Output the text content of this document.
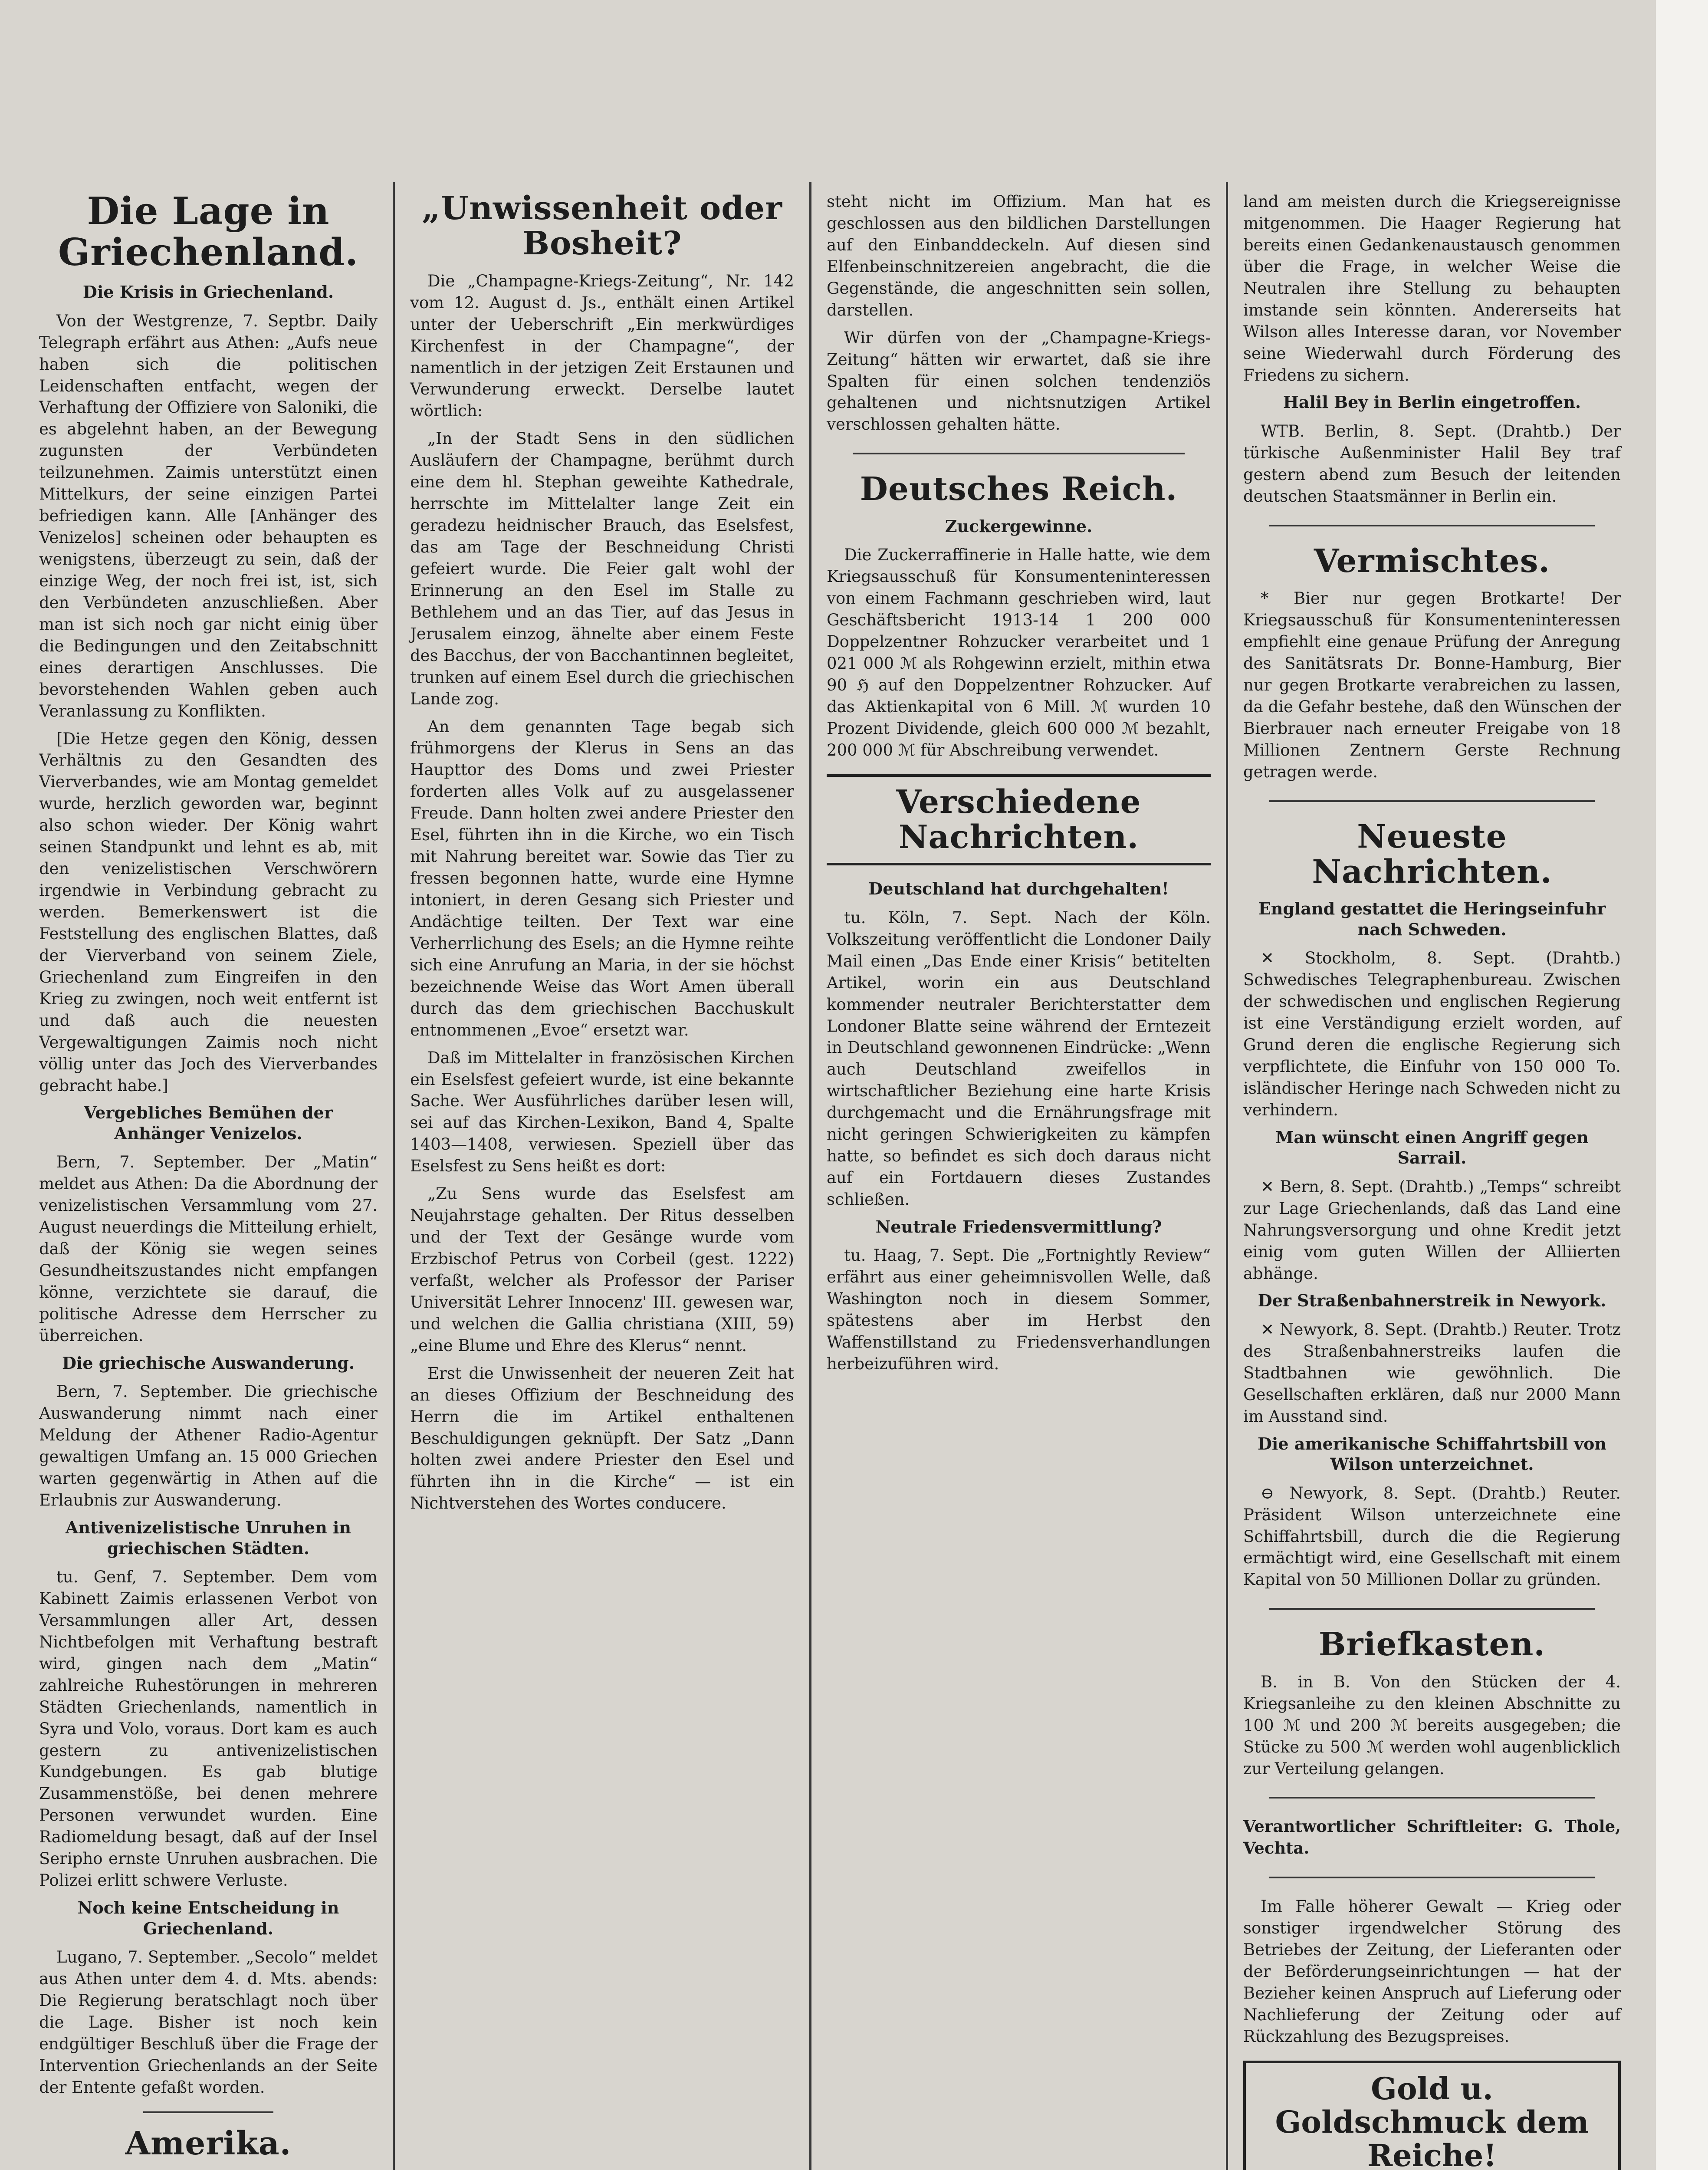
Die Lage in Griechenland.
Die Krisis in Griechenland.

Von der Westgrenze, 7. Septbr. Daily Telegraph erfährt aus Athen: „Aufs neue haben sich die politischen Leidenschaften entfacht, wegen der Verhaftung der Offiziere von Saloniki, die es abgelehnt haben, an der Bewegung zugunsten der Verbündeten teilzunehmen. Zaimis unterstützt einen Mittelkurs, der seine einzigen Partei befriedigen kann. Alle [Anhänger des Venizelos] scheinen oder behaupten es wenigstens, überzeugt zu sein, daß der einzige Weg, der noch frei ist, ist, sich den Verbündeten anzuschließen. Aber man ist sich noch gar nicht einig über die Bedingungen und den Zeitabschnitt eines derartigen Anschlusses. Die bevorstehenden Wahlen geben auch Veranlassung zu Konflikten.

[Die Hetze gegen den König, dessen Verhältnis zu den Gesandten des Vierverbandes, wie am Montag gemeldet wurde, herzlich geworden war, beginnt also schon wieder. Der König wahrt seinen Standpunkt und lehnt es ab, mit den venizelistischen Verschwörern irgendwie in Verbindung gebracht zu werden. Bemerkenswert ist die Feststellung des englischen Blattes, daß der Vierverband von seinem Ziele, Griechenland zum Eingreifen in den Krieg zu zwingen, noch weit entfernt ist und daß auch die neuesten Vergewaltigungen Zaimis noch nicht völlig unter das Joch des Vierverbandes gebracht habe.]

Vergebliches Bemühen der Anhänger Venizelos.

Bern, 7. September. Der „Matin“ meldet aus Athen: Da die Abordnung der venizelistischen Versammlung vom 27. August neuerdings die Mitteilung erhielt, daß der König sie wegen seines Gesundheitszustandes nicht empfangen könne, verzichtete sie darauf, die politische Adresse dem Herrscher zu überreichen.

Die griechische Auswanderung.

Bern, 7. September. Die griechische Auswanderung nimmt nach einer Meldung der Athener Radio-Agentur gewaltigen Umfang an. 15 000 Griechen warten gegenwärtig in Athen auf die Erlaubnis zur Auswanderung.

Antivenizelistische Unruhen in griechischen Städten.

tu. Genf, 7. September. Dem vom Kabinett Zaimis erlassenen Verbot von Versammlungen aller Art, dessen Nichtbefolgen mit Verhaftung bestraft wird, gingen nach dem „Matin“ zahlreiche Ruhestörungen in mehreren Städten Griechenlands, namentlich in Syra und Volo, voraus. Dort kam es auch gestern zu antivenizelistischen Kundgebungen. Es gab blutige Zusammenstöße, bei denen mehrere Personen verwundet wurden. Eine Radiomeldung besagt, daß auf der Insel Seripho ernste Unruhen ausbrachen. Die Polizei erlitt schwere Verluste.

Noch keine Entscheidung in Griechenland.

Lugano, 7. September. „Secolo“ meldet aus Athen unter dem 4. d. Mts. abends: Die Regierung beratschlagt noch über die Lage. Bisher ist noch kein endgültiger Beschluß über die Frage der Intervention Griechenlands an der Seite der Entente gefaßt worden.

Amerika.

„Unwissenheit oder Bosheit?

Die „Champagne-Kriegs-Zeitung“, Nr. 142 vom 12. August d. Js., enthält einen Artikel unter der Ueberschrift „Ein merkwürdiges Kirchenfest in der Champagne“, der namentlich in der jetzigen Zeit Erstaunen und Verwunderung erweckt. Derselbe lautet wörtlich:

„In der Stadt Sens in den südlichen Ausläufern der Champagne, berühmt durch eine dem hl. Stephan geweihte Kathedrale, herrschte im Mittelalter lange Zeit ein geradezu heidnischer Brauch, das Eselsfest, das am Tage der Beschneidung Christi gefeiert wurde. Die Feier galt wohl der Erinnerung an den Esel im Stalle zu Bethlehem und an das Tier, auf das Jesus in Jerusalem einzog, ähnelte aber einem Feste des Bacchus, der von Bacchantinnen begleitet, trunken auf einem Esel durch die griechischen Lande zog.

An dem genannten Tage begab sich frühmorgens der Klerus in Sens an das Haupttor des Doms und zwei Priester forderten alles Volk auf zu ausgelassener Freude. Dann holten zwei andere Priester den Esel, führten ihn in die Kirche, wo ein Tisch mit Nahrung bereitet war. Sowie das Tier zu fressen begonnen hatte, wurde eine Hymne intoniert, in deren Gesang sich Priester und Andächtige teilten. Der Text war eine Verherrlichung des Esels; an die Hymne reihte sich eine Anrufung an Maria, in der sie höchst bezeichnende Weise das Wort Amen überall durch das dem griechischen Bacchuskult entnommenen „Evoe“ ersetzt war.

Daß im Mittelalter in französischen Kirchen ein Eselsfest gefeiert wurde, ist eine bekannte Sache. Wer Ausführliches darüber lesen will, sei auf das Kirchen-Lexikon, Band 4, Spalte 1403—1408, verwiesen. Speziell über das Eselsfest zu Sens heißt es dort:

„Zu Sens wurde das Eselsfest am Neujahrstage gehalten. Der Ritus desselben und der Text der Gesänge wurde vom Erzbischof Petrus von Corbeil (gest. 1222) verfaßt, welcher als Professor der Pariser Universität Lehrer Innocenz' III. gewesen war, und welchen die Gallia christiana (XIII, 59) „eine Blume und Ehre des Klerus“ nennt.

Erst die Unwissenheit der neueren Zeit hat an dieses Offizium der Beschneidung des Herrn die im Artikel enthaltenen Beschuldigungen geknüpft. Der Satz „Dann holten zwei andere Priester den Esel und führten ihn in die Kirche“ — ist ein Nichtverstehen des Wortes conducere.

steht nicht im Offizium. Man hat es geschlossen aus den bildlichen Darstellungen auf den Einbanddeckeln. Auf diesen sind Elfenbeinschnitzereien angebracht, die die Gegenstände, die angeschnitten sein sollen, darstellen.

Wir dürfen von der „Champagne-Kriegs-Zeitung“ hätten wir erwartet, daß sie ihre Spalten für einen solchen tendenziös gehaltenen und nichtsnutzigen Artikel verschlossen gehalten hätte.

Deutsches Reich.
Zuckergewinne.

Die Zuckerraffinerie in Halle hatte, wie dem Kriegsausschuß für Konsumenteninteressen von einem Fachmann geschrieben wird, laut Geschäftsbericht 1913-14 1 200 000 Doppelzentner Rohzucker verarbeitet und 1 021 000 ℳ als Rohgewinn erzielt, mithin etwa 90 ℌ auf den Doppelzentner Rohzucker. Auf das Aktienkapital von 6 Mill. ℳ wurden 10 Prozent Dividende, gleich 600 000 ℳ bezahlt, 200 000 ℳ für Abschreibung verwendet.

Verschiedene Nachrichten.
Deutschland hat durchgehalten!

tu. Köln, 7. Sept. Nach der Köln. Volkszeitung veröffentlicht die Londoner Daily Mail einen „Das Ende einer Krisis“ betitelten Artikel, worin ein aus Deutschland kommender neutraler Berichterstatter dem Londoner Blatte seine während der Erntezeit in Deutschland gewonnenen Eindrücke: „Wenn auch Deutschland zweifellos in wirtschaftlicher Beziehung eine harte Krisis durchgemacht und die Ernährungsfrage mit nicht geringen Schwierigkeiten zu kämpfen hatte, so befindet es sich doch daraus nicht auf ein Fortdauern dieses Zustandes schließen.

Neutrale Friedensvermittlung?

tu. Haag, 7. Sept. Die „Fortnightly Review“ erfährt aus einer geheimnisvollen Welle, daß Washington noch in diesem Sommer, spätestens aber im Herbst den Waffenstillstand zu Friedensverhandlungen herbeizuführen wird.

land am meisten durch die Kriegsereignisse mitgenommen. Die Haager Regierung hat bereits einen Gedankenaustausch genommen über die Frage, in welcher Weise die Neutralen ihre Stellung zu behaupten imstande sein könnten. Andererseits hat Wilson alles Interesse daran, vor November seine Wiederwahl durch Förderung des Friedens zu sichern.

Halil Bey in Berlin eingetroffen.

WTB. Berlin, 8. Sept. (Drahtb.) Der türkische Außenminister Halil Bey traf gestern abend zum Besuch der leitenden deutschen Staatsmänner in Berlin ein.

Vermischtes.

* Bier nur gegen Brotkarte! Der Kriegsausschuß für Konsumenteninteressen empfiehlt eine genaue Prüfung der Anregung des Sanitätsrats Dr. Bonne-Hamburg, Bier nur gegen Brotkarte verabreichen zu lassen, da die Gefahr bestehe, daß den Wünschen der Bierbrauer nach erneuter Freigabe von 18 Millionen Zentnern Gerste Rechnung getragen werde.

Neueste Nachrichten.
England gestattet die Heringseinfuhr nach Schweden.

✕ Stockholm, 8. Sept. (Drahtb.) Schwedisches Telegraphenbureau. Zwischen der schwedischen und englischen Regierung ist eine Verständigung erzielt worden, auf Grund deren die englische Regierung sich verpflichtete, die Einfuhr von 150 000 To. isländischer Heringe nach Schweden nicht zu verhindern.

Man wünscht einen Angriff gegen Sarrail.

✕ Bern, 8. Sept. (Drahtb.) „Temps“ schreibt zur Lage Griechenlands, daß das Land eine Nahrungsversorgung und ohne Kredit jetzt einig vom guten Willen der Alliierten abhänge.

Der Straßenbahnerstreik in Newyork.

✕ Newyork, 8. Sept. (Drahtb.) Reuter. Trotz des Straßenbahnerstreiks laufen die Stadtbahnen wie gewöhnlich. Die Gesellschaften erklären, daß nur 2000 Mann im Ausstand sind.

Die amerikanische Schiffahrtsbill von Wilson unterzeichnet.

⊖ Newyork, 8. Sept. (Drahtb.) Reuter. Präsident Wilson unterzeichnete eine Schiffahrtsbill, durch die die Regierung ermächtigt wird, eine Gesellschaft mit einem Kapital von 50 Millionen Dollar zu gründen.

Briefkasten.

B. in B. Von den Stücken der 4. Kriegsanleihe zu den kleinen Abschnitte zu 100 ℳ und 200 ℳ bereits ausgegeben; die Stücke zu 500 ℳ werden wohl augenblicklich zur Verteilung gelangen.

Verantwortlicher Schriftleiter: G. Thole, Vechta.

Im Falle höherer Gewalt — Krieg oder sonstiger irgendwelcher Störung des Betriebes der Zeitung, der Lieferanten oder der Beförderungseinrichtungen — hat der Bezieher keinen Anspruch auf Lieferung oder Nachlieferung der Zeitung oder auf Rückzahlung des Bezugspreises.

Gold u. Goldschmuck dem Reiche!
